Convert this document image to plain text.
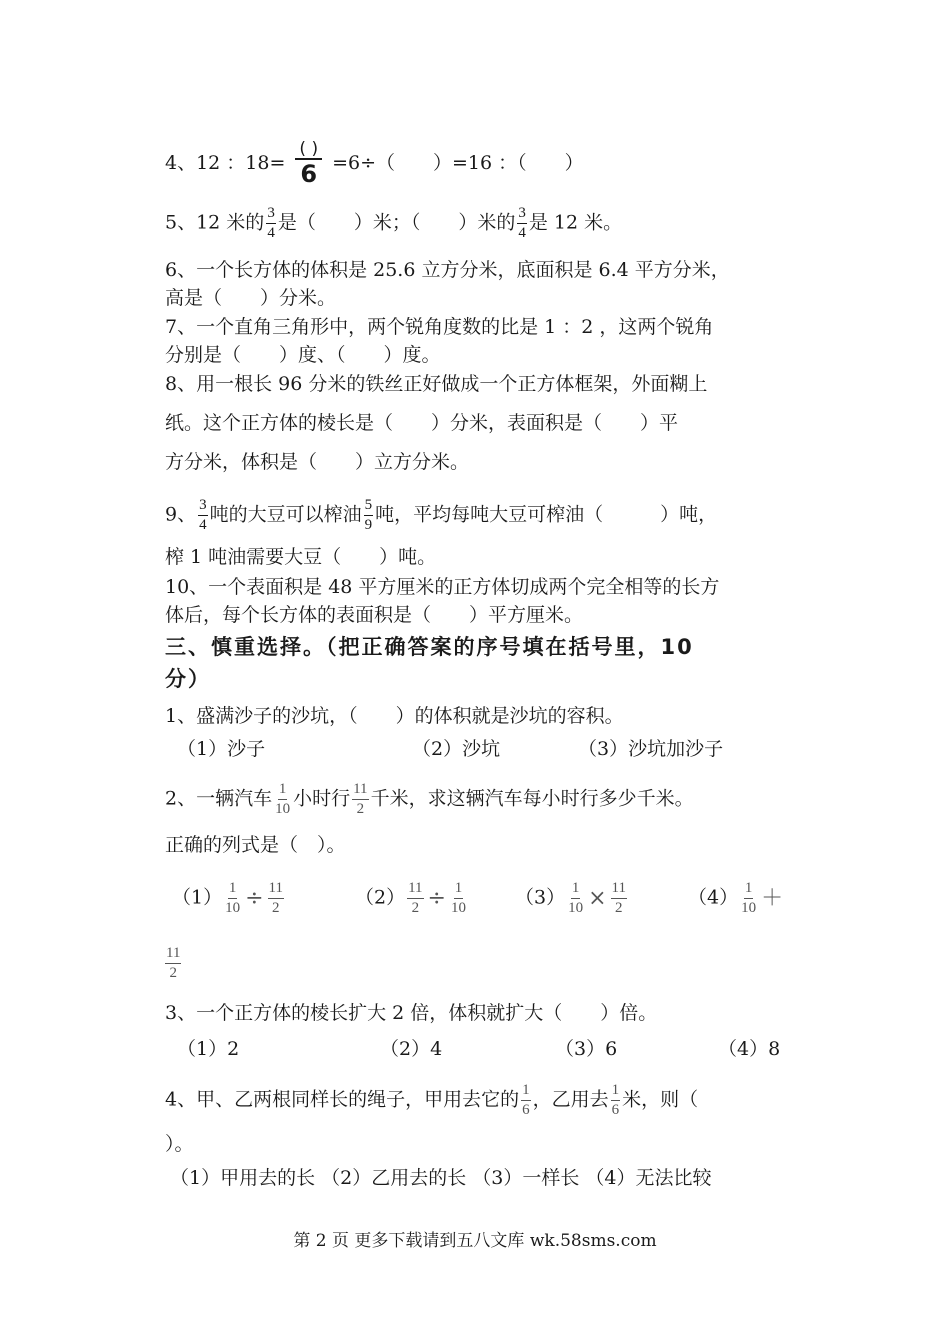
4、12 ：$18= \frac{( )}{6} =6\div$（　　）=16 ：（　　）
5、12 米的 $\frac{3}{4}$ 是（　　）米；（　　）米的 $\frac{3}{4}$ 是 12 米。
6、一个长方体的体积是 25.6 立方分米，底面积是 6.4 平方分米，
高是（　　）分米。
7、一个直角三角形中，两个锐角度数的比是 1 ：2 ，这两个锐角
分别是（　　）度、（　　）度。
8、用一根长 96 分米的铁丝正好做成一个正方体框架，外面糊上
纸。这个正方体的棱长是（　　）分米，表面积是（　　）平
方分米，体积是（　　）立方分米。
9、 $\frac{3}{4}$ 吨的大豆可以榨油 $\frac{5}{9}$ 吨，平均每吨大豆可榨油（　　　）吨，
榨 1 吨油需要大豆（　　）吨。
10、一个表面积是 48 平方厘米的正方体切成两个完全相等的长方
体后，每个长方体的表面积是（　　）平方厘米。
三、慎重选择。（把正确答案的序号填在括号里，10
分）
1、盛满沙子的沙坑，（　　）的体积就是沙坑的容积。
（1）沙子	（2）沙坑	（3）沙坑加沙子
2、一辆汽车 $\frac{1}{10}$ 小时行 $\frac{11}{2}$ 千米，求这辆汽车每小时行多少千米。
正确的列式是（　）。
$(1) \frac{1}{10} \div \frac{11}{2}$	$(2) \frac{11}{2} \div \frac{1}{10}$	$(3) \frac{1}{10} \times \frac{11}{2}$	$(4) \frac{1}{10}$ ＋
$\frac{11}{2}$
3、一个正方体的棱长扩大 2 倍，体积就扩大（　　）倍。
（1）2	（2）4	（3）6	（4）8
4、甲、乙两根同样长的绳子，甲用去它的 $\frac{1}{6}$ ，乙用去 $\frac{1}{6}$ 米，则（
）。
（1）甲用去的长 （2）乙用去的长 （3）一样长 （4）无法比较
第 2 页 更多下载请到五八文库 wk.58sms.com
